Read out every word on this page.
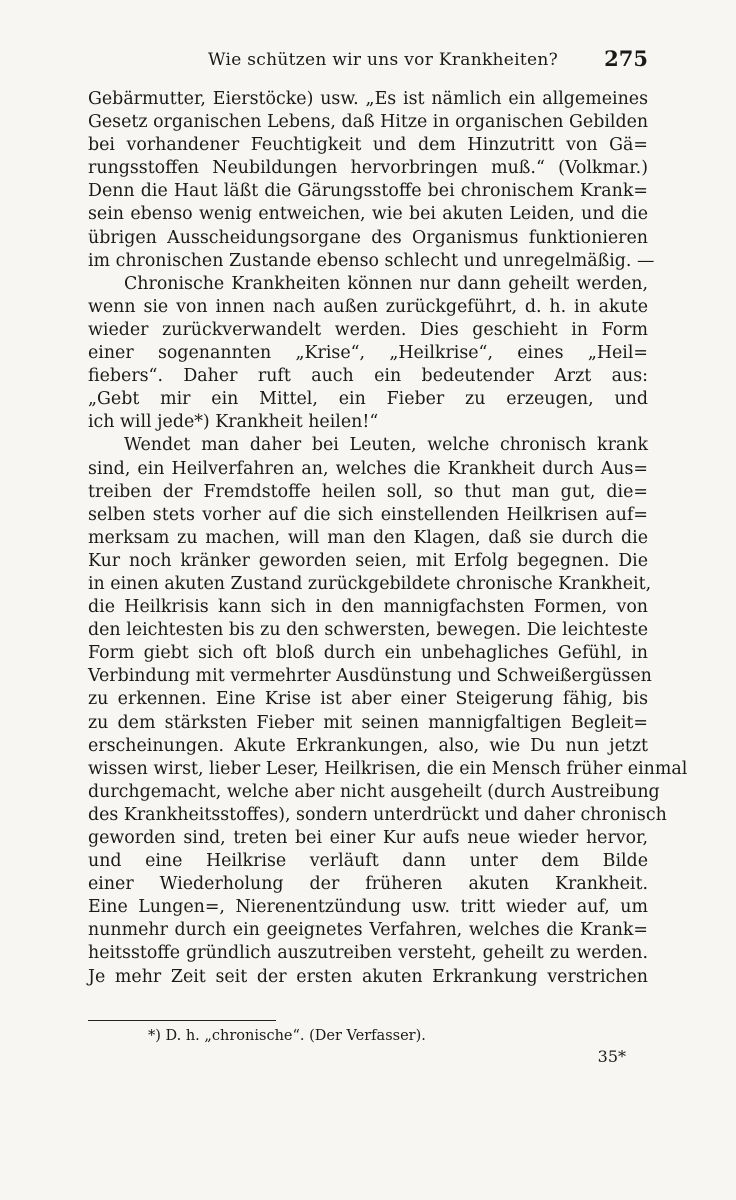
Wie schützen wir uns vor Krankheiten? 275
Gebärmutter, Eierstöcke) usw. „Es ist nämlich ein allgemeines
Gesetz organischen Lebens, daß Hitze in organischen Gebilden
bei vorhandener Feuchtigkeit und dem Hinzutritt von Gä=
rungsstoffen Neubildungen hervorbringen muß.“ (Volkmar.)
Denn die Haut läßt die Gärungsstoffe bei chronischem Krank=
sein ebenso wenig entweichen, wie bei akuten Leiden, und die
übrigen Ausscheidungsorgane des Organismus funktionieren
im chronischen Zustande ebenso schlecht und unregelmäßig. —
Chronische Krankheiten können nur dann geheilt werden,
wenn sie von innen nach außen zurückgeführt, d. h. in akute
wieder zurückverwandelt werden. Dies geschieht in Form
einer sogenannten „Krise“, „Heilkrise“, eines „Heil=
fiebers“. Daher ruft auch ein bedeutender Arzt aus:
„Gebt mir ein Mittel, ein Fieber zu erzeugen, und
ich will jede*) Krankheit heilen!“
Wendet man daher bei Leuten, welche chronisch krank
sind, ein Heilverfahren an, welches die Krankheit durch Aus=
treiben der Fremdstoffe heilen soll, so thut man gut, die=
selben stets vorher auf die sich einstellenden Heilkrisen auf=
merksam zu machen, will man den Klagen, daß sie durch die
Kur noch kränker geworden seien, mit Erfolg begegnen. Die
in einen akuten Zustand zurückgebildete chronische Krankheit,
die Heilkrisis kann sich in den mannigfachsten Formen, von
den leichtesten bis zu den schwersten, bewegen. Die leichteste
Form giebt sich oft bloß durch ein unbehagliches Gefühl, in
Verbindung mit vermehrter Ausdünstung und Schweißergüssen
zu erkennen. Eine Krise ist aber einer Steigerung fähig, bis
zu dem stärksten Fieber mit seinen mannigfaltigen Begleit=
erscheinungen. Akute Erkrankungen, also, wie Du nun jetzt
wissen wirst, lieber Leser, Heilkrisen, die ein Mensch früher einmal
durchgemacht, welche aber nicht ausgeheilt (durch Austreibung
des Krankheitsstoffes), sondern unterdrückt und daher chronisch
geworden sind, treten bei einer Kur aufs neue wieder hervor,
und eine Heilkrise verläuft dann unter dem Bilde
einer Wiederholung der früheren akuten Krankheit.
Eine Lungen=, Nierenentzündung usw. tritt wieder auf, um
nunmehr durch ein geeignetes Verfahren, welches die Krank=
heitsstoffe gründlich auszutreiben versteht, geheilt zu werden.
Je mehr Zeit seit der ersten akuten Erkrankung verstrichen
*) D. h. „chronische“. (Der Verfasser).
35*
